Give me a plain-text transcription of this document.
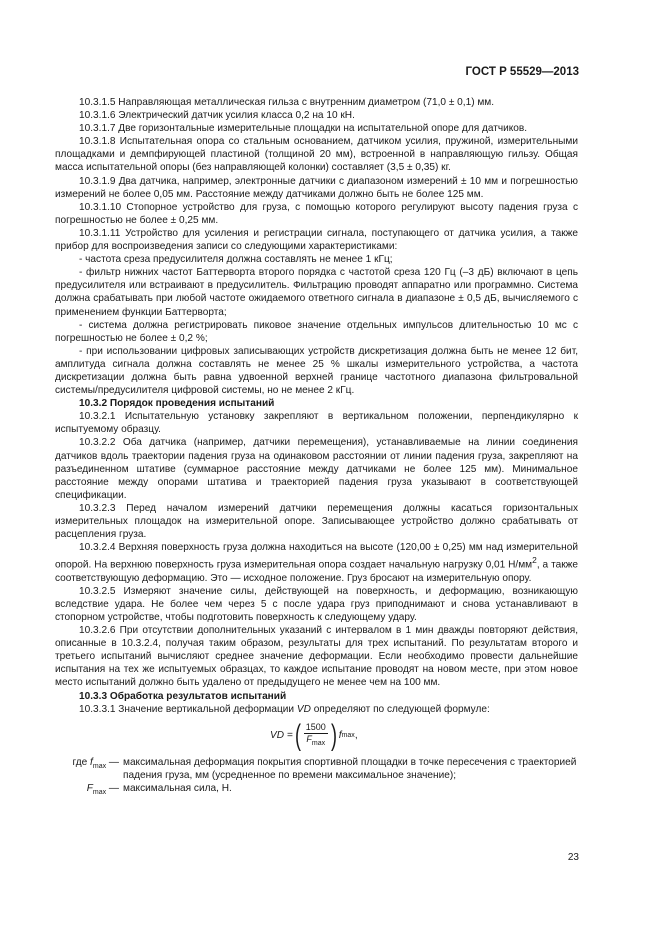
ГОСТ Р 55529—2013

10.3.1.5 Направляющая металлическая гильза с внутренним диаметром (71,0 ± 0,1) мм.

10.3.1.6 Электрический датчик усилия класса 0,2 на 10 кН.

10.3.1.7 Две горизонтальные измерительные площадки на испытательной опоре для датчиков.

10.3.1.8 Испытательная опора со стальным основанием, датчиком усилия, пружиной, измерительными площадками и демпфирующей пластиной (толщиной 20 мм), встроенной в направляющую гильзу. Общая масса испытательной опоры (без направляющей колонки) составляет (3,5 ± 0,35) кг.

10.3.1.9 Два датчика, например, электронные датчики с диапазоном измерений ± 10 мм и погрешностью измерений не более 0,05 мм. Расстояние между датчиками должно быть не более 125 мм.

10.3.1.10 Стопорное устройство для груза, с помощью которого регулируют высоту падения груза с погрешностью не более ± 0,25 мм.

10.3.1.11 Устройство для усиления и регистрации сигнала, поступающего от датчика усилия, а также прибор для воспроизведения записи со следующими характеристиками:

- частота среза предусилителя должна составлять не менее 1 кГц;

- фильтр нижних частот Баттерворта второго порядка с частотой среза 120 Гц (–3 дБ) включают в цепь предусилителя или встраивают в предусилитель. Фильтрацию проводят аппаратно или программно. Система должна срабатывать при любой частоте ожидаемого ответного сигнала в диапазоне ± 0,5 дБ, вычисляемого с применением функции Баттерворта;

- система должна регистрировать пиковое значение отдельных импульсов длительностью 10 мс с погрешностью не более ± 0,2 %;

- при использовании цифровых записывающих устройств дискретизация должна быть не менее 12 бит, амплитуда сигнала должна составлять не менее 25 % шкалы измерительного устройства, а частота дискретизации должна быть равна удвоенной верхней границе частотного диапазона фильтровальной системы/предусилителя цифровой системы, но не менее 2 кГц.

10.3.2 Порядок проведения испытаний

10.3.2.1 Испытательную установку закрепляют в вертикальном положении, перпендикулярно к испытуемому образцу.

10.3.2.2 Оба датчика (например, датчики перемещения), устанавливаемые на линии соединения датчиков вдоль траектории падения груза на одинаковом расстоянии от линии падения груза, закрепляют на разъединенном штативе (суммарное расстояние между датчиками не более 125 мм). Минимальное расстояние между опорами штатива и траекторией падения груза указывают в соответствующей спецификации.

10.3.2.3 Перед началом измерений датчики перемещения должны касаться горизонтальных измерительных площадок на измерительной опоре. Записывающее устройство должно срабатывать от расцепления груза.

10.3.2.4 Верхняя поверхность груза должна находиться на высоте (120,00 ± 0,25) мм над измерительной опорой. На верхнюю поверхность груза измерительная опора создает начальную нагрузку 0,01 $Н/мм^2$, а также соответствующую деформацию. Это — исходное положение. Груз бросают на измерительную опору.

10.3.2.5 Измеряют значение силы, действующей на поверхность, и деформацию, возникающую вследствие удара. Не более чем через 5 с после удара груз приподнимают и снова устанавливают в стопорном устройстве, чтобы подготовить поверхность к следующему удару.

10.3.2.6 При отсутствии дополнительных указаний с интервалом в 1 мин дважды повторяют действия, описанные в 10.3.2.4, получая таким образом, результаты для трех испытаний. По результатам второго и третьего испытаний вычисляют среднее значение деформации. Если необходимо провести дальнейшие испытания на тех же испытуемых образцах, то каждое испытание проводят на новом месте, при этом новое место испытаний должно быть удалено от предыдущего не менее чем на 100 мм.

10.3.3 Обработка результатов испытаний

10.3.3.1 Значение вертикальной деформации VD определяют по следующей формуле:

VD = ( $\frac{1500}{F_{max}}$ ) f max ,
где $f_{max}$ — максимальная деформация покрытия спортивной площадки в точке пересечения с траекторией падения груза, мм (усредненное по времени максимальное значение);
$F_{max}$ — максимальная сила, Н.
23
